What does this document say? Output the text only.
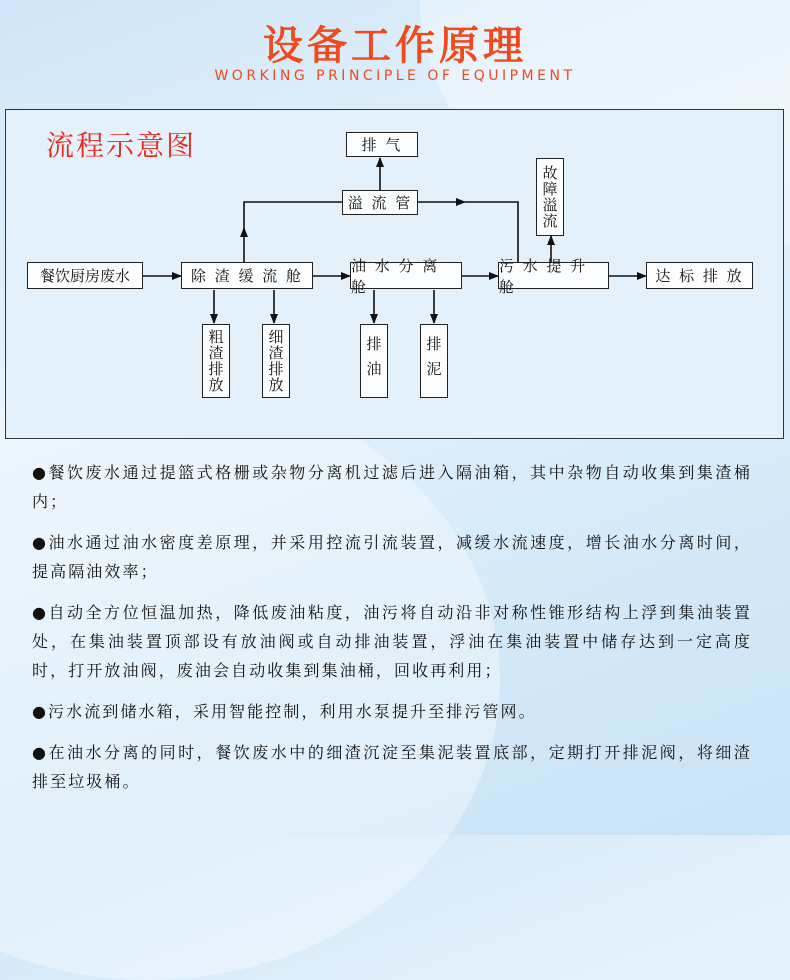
设备工作原理
WORKING PRINCIPLE OF EQUIPMENT
流程示意图	排 气
溢 流 管	故障溢流
餐饮厨房废水	除 渣 缓 流 舱
油 水 分 离 舱
污 水 提 升 舱
达 标 排 放
粗渣排放	细渣排放	排油	排泥
●餐饮废水通过提篮式格栅或杂物分离机过滤后进入隔油箱，其中杂物自动收集到集渣桶内；
●油水通过油水密度差原理，并采用控流引流装置，减缓水流速度，增长油水分离时间，提高隔油效率；
●自动全方位恒温加热，降低废油粘度，油污将自动沿非对称性锥形结构上浮到集油装置处，在集油装置顶部设有放油阀或自动排油装置，浮油在集油装置中储存达到一定高度时，打开放油阀，废油会自动收集到集油桶，回收再利用；
●污水流到储水箱，采用智能控制，利用水泵提升至排污管网。
●在油水分离的同时，餐饮废水中的细渣沉淀至集泥装置底部，定期打开排泥阀，将细渣排至垃圾桶。
